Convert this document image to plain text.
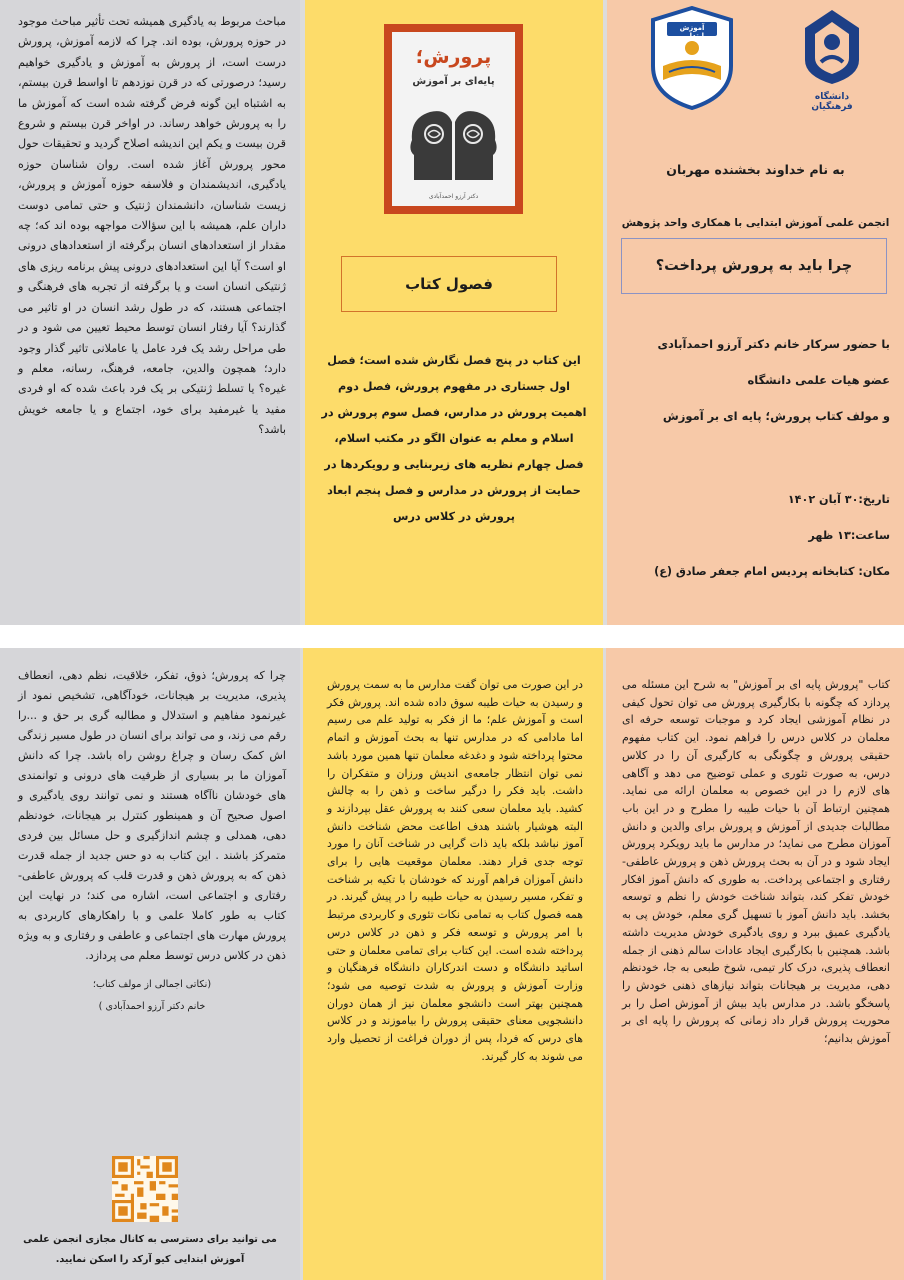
مباحث مربوط به یادگیری همیشه تحت تأثیر مباحث موجود در حوزه پرورش، بوده اند. چرا که لازمه آموزش، پرورش درست است، از پرورش به آموزش و یادگیری خواهیم رسید؛ درصورتی که در قرن نوزدهم تا اواسط قرن بیستم، به اشتباه این گونه فرض گرفته شده است که آموزش ما را به پرورش خواهد رساند. در اواخر قرن بیستم و شروع قرن بیست و یکم این اندیشه اصلاح گردید و تحقیقات حول محور پرورش آغاز شده است. روان شناسان حوزه یادگیری، اندیشمندان و فلاسفه حوزه آموزش و پرورش، زیست شناسان، دانشمندان ژنتیک و حتی تمامی دوست داران علم، همیشه با این سؤالات مواجهه بوده اند که؛ چه مقدار از استعدادهای انسان برگرفته از استعدادهای درونی او است؟ آیا این استعدادهای درونی پیش برنامه ریزی های ژنتیکی انسان است و یا برگرفته از تجربه های فرهنگی و اجتماعی هستند، که در طول رشد انسان در او تاثیر می گذارند؟ آیا رفتار انسان توسط محیط تعیین می شود و در طی مراحل رشد یک فرد عامل یا عاملانی تاثیر گذار وجود دارد؛ همچون والدین، جامعه، فرهنگ، رسانه، معلم و غیره؟ یا تسلط ژنتیکی بر یک فرد باعث شده که او فردی مفید یا غیرمفید برای خود، اجتماع و یا جامعه خویش باشد؟

پرورش؛
پایه‌ای بر آموزش
دکتر آرزو احمدآبادی
فصول کتاب
این کتاب در پنج فصل نگارش شده است؛ فصل اول جستاری در مفهوم پرورش، فصل دوم اهمیت پرورش در مدارس، فصل سوم پرورش در اسلام و معلم به عنوان الگو در مکتب اسلام، فصل چهارم نظریه های زیربنایی و رویکردها در حمایت از پرورش در مدارس و فصل پنجم ابعاد پرورش در کلاس درس
دانشگاه فرهنگیان
آموزش ابتدایی
به نام خداوند بخشنده مهربان
انجمن علمی آموزش ابتدایی با همکاری واحد پژوهش
چرا باید به پرورش پرداخت؟
با حضور سرکار خانم دکتر آرزو احمدآبادی
عضو هیات علمی دانشگاه
و مولف کتاب پرورش؛ پایه ای بر آموزش
تاریخ:۳۰ آبان ۱۴۰۲
ساعت:۱۳ ظهر
مکان: کتابخانه پردیس امام جعفر صادق (ع)

چرا که پرورش؛ ذوق، تفکر، خلاقیت، نظم دهی، انعطاف پذیری، مدیریت بر هیجانات، خودآگاهی، تشخیص نمود از غیرنمود مفاهیم و استدلال و مطالبه گری بر حق و ...را رقم می زند، و می تواند برای انسان در طول مسیر زندگی اش کمک رسان و چراغ روشن راه باشد. چرا که دانش آموزان ما بر بسیاری از ظرفیت های درونی و توانمندی های خودشان ناآگاه هستند و نمی توانند روی یادگیری و اصول صحیح آن و همینطور کنترل بر هیجانات، خودنظم دهی، همدلی و چشم اندازگیری و حل مسائل بین فردی متمرکز باشند . این کتاب به دو حس جدید از جمله قدرت ذهن که به پرورش ذهن و قدرت قلب که پرورش عاطفی-رفتاری و اجتماعی است، اشاره می کند؛ در نهایت این کتاب به طور کاملا علمی و با راهکارهای کاربردی به پرورش مهارت های اجتماعی و عاطفی و رفتاری و به ویژه ذهن در کلاس درس توسط معلم می پردازد.

(نکاتی اجمالی از مولف کتاب؛
خانم دکتر آرزو احمدآبادی )

در این صورت می توان گفت مدارس ما به سمت پرورش و رسیدن به حیات طیبه سوق داده شده اند. پرورش فکر است و آموزش علم؛ ما از فکر به تولید علم می رسیم اما مادامی که در مدارس تنها به بحث آموزش و اتمام محتوا پرداخته شود و دغدغه معلمان تنها همین مورد باشد نمی توان انتظار جامعه‌ی اندیش ورزان و متفکران را داشت. باید فکر را درگیر ساخت و ذهن را به چالش کشید. باید معلمان سعی کنند به پرورش عقل بپردازند و البته هوشیار باشند هدف اطاعت محض شناخت دانش آموز نباشد بلکه باید ذات گرایی در شناخت آنان را مورد توجه جدی قرار دهند. معلمان موقعیت هایی را برای دانش آموزان فراهم آورند که خودشان با تکیه بر شناخت و تفکر، مسیر رسیدن به حیات طیبه را در پیش گیرند. در همه فصول کتاب به تمامی نکات تئوری و کاربردی مرتبط با امر پرورش و توسعه فکر و ذهن در کلاس درس پرداخته شده است. این کتاب برای تمامی معلمان و حتی اساتید دانشگاه و دست اندرکاران دانشگاه فرهنگیان و وزارت آموزش و پرورش به شدت توصیه می شود؛ همچنین بهتر است دانشجو معلمان نیز از همان دوران دانشجویی معنای حقیقی پرورش را بیاموزند و در کلاس های درس که فردا، پس از دوران فراغت از تحصیل وارد می شوند به کار گیرند.

کتاب "پرورش پایه ای بر آموزش" به شرح این مسئله می پردازد که چگونه با بکارگیری پرورش می توان تحول کیفی در نظام آموزشی ایجاد کرد و موجبات توسعه حرفه ای معلمان در کلاس درس را فراهم نمود. این کتاب مفهوم حقیقی پرورش و چگونگی به کارگیری آن را در کلاس درس، به صورت تئوری و عملی توضیح می دهد و آگاهی های لازم را در این خصوص به معلمان ارائه می نماید. همچنین ارتباط آن با حیات طیبه را مطرح و در این باب مطالبات جدیدی از آموزش و پرورش برای والدین و دانش آموزان مطرح می نماید؛ در مدارس ما باید رویکرد پرورش ایجاد شود و در آن به بحث پرورش ذهن و پرورش عاطفی-رفتاری و اجتماعی پرداخت. به طوری که دانش آموز افکار خودش تفکر کند، بتواند شناخت خودش را نظم و توسعه بخشد. باید دانش آموز با تسهیل گری معلم، خودش پی به یادگیری عمیق ببرد و روی یادگیری خودش مدیریت داشته باشد. همچنین با بکارگیری ایجاد عادات سالم ذهنی از جمله انعطاف پذیری، درک کار تیمی، شوخ طبعی به جا، خودنظم دهی، مدیریت بر هیجانات بتواند نیازهای ذهنی خودش را پاسخگو باشد. در مدارس باید بیش از آموزش اصل را بر محوریت پرورش قرار داد زمانی که پرورش را پایه ای بر آموزش بدانیم؛

می توانید برای دسترسی به کانال مجازی انجمن علمی آموزش ابتدایی کیو آرکد را اسکن نمایید.
